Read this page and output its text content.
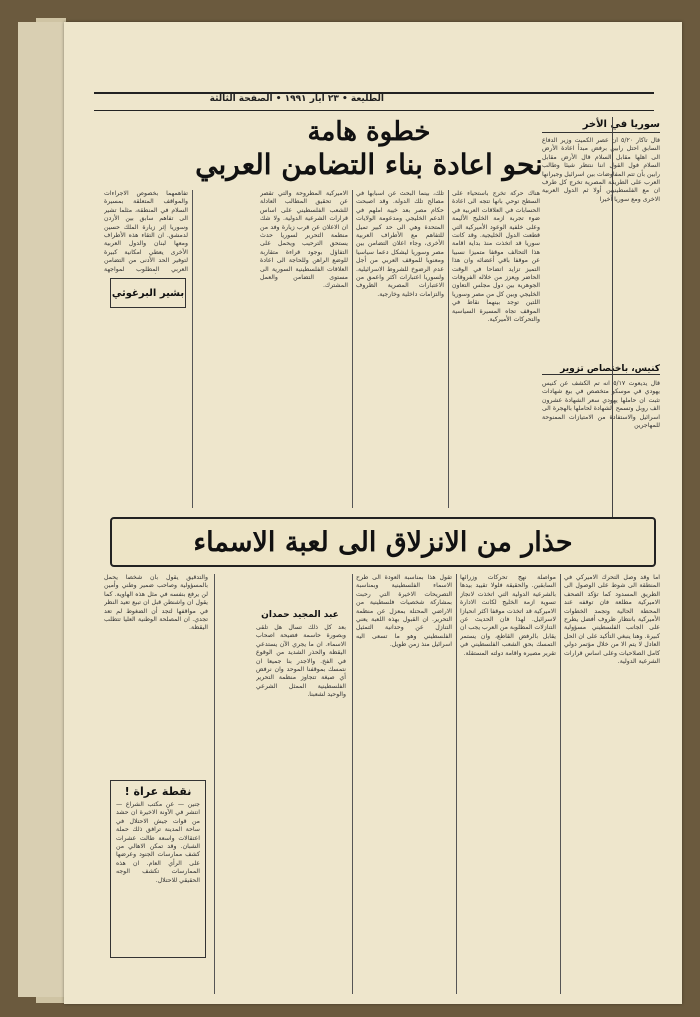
الطليعة • ٢٣ أيار ١٩٩١ • الصفحة الثالثة
سوريا في الأخر
قال تاكار ٥/٢٠ أن عصر الكميت وزير الدفاع السابق احتل رابين برفض مبدأ اعادة الأرض الى اهلها مقابل السلام قال الأرض مقابل السلام فول القول اننا ننتظر شيئا وطالب رابين بأن تتم المفاوضات بين اسرائيل وجيرانها العرب على الطريقة المصرية تخرج كل طرف ان مع الفلسطينيين أولا ثم الدول العربية الاخرى ومع سوريا أخيرا
كنيس، باختصاص تزوير
قال يديعوت ٥/١٧ انه تم الكشف عن كنيس يهودي في موسكو متخصص في بيع شهادات تثبت ان حاملها يهودي سعر الشهادة عشرون الف روبل وتسمح الشهادة لحاملها بالهجرة الى اسرائيل والاستفادة من الامتيازات الممنوحة للمهاجرين
خطوة هامة
نحو اعادة بناء التضامن العربي
هناك حركة تخرج باستحياء على السطح توحي بانها تتجه الى اعادة الحسابات في العلاقات العربية في ضوء تجربة ازمة الخليج الأليمة وعلى خلفية الوعود الأميركية التي قطعت الدول الخليجية. وقد كانت سوريا قد اتخذت منذ بداية اقامة هذا التحالف موقفا متميزا نسبيا عن موقفا باقي أعضائه وان هذا التميز تزايد اتضاحا في الوقت الحاضر ويعزز من خلاله الفروقات الجوهرية بين دول مجلس التعاون الخليجي وبين كل من مصر وسوريا اللتين توجد بينهما نقاط في الموقف تجاه المسيرة السياسية والتحركات الأميركية.
تلك، بينما البحث عن اسبابها في مصالح تلك الدولة. وقد اصبحت حكام مصر بعد خيبة املهم في الدعم الخليجي ومدعومة الولايات المتحدة وهي الى حد كبير تميل للتفاهم مع الأطراف العربية الأخرى، وجاء اعلان التضامن بين مصر وسوريا ليشكل دعما سياسيا ومعنويا للموقف العربي من أجل عدم الرضوخ للشروط الاسرائيلية. ولسوريا اعتبارات اكثر واعمق من الاعتبارات المصرية الظروف والتزامات داخلية وخارجية.
الاميركية المطروحة والتي تقصر عن تحقيق المطالب العادلة للشعب الفلسطيني على اساس قرارات الشرعية الدولية. ولا شك ان الاعلان عن قرب زيارة وفد من منظمة التحرير لسوريا حدث يستحق الترحيب ويحمل على التفاؤل بوجود قراءة متقاربة للوضع الراهن وللحاجة الى اعادة العلاقات الفلسطينية السورية الى مستوى التضامن والعمل المشترك.
تفاهمهما بخصوص الاجراءات والمواقف المتعلقة بمسيرة السلام في المنطقة، مثلما تشير الى تفاهم سابق بين الأردن وسوريا إثر زيارة الملك حسين لدمشق. ان التقاء هذه الأطراف ومعها لبنان والدول العربية الأخرى يعطي امكانية كبيرة لتوفير الحد الأدنى من التضامن العربي المطلوب لمواجهة
بشير البرغوثي
حذار من الانزلاق الى لعبة الاسماء
اما وقد وصل التحرك الاميركي في المنطقة الى شوط على الوصول الى الطريق المسدود كما تؤكد الصحف الاميركية مطلعة فان توقفه عند المحطة الحالية وتجمد الخطوات الأميركية بانتظار ظروف أفضل يطرح على الجانب الفلسطيني مسؤولية كبيرة. وهنا ينبغي التأكيد على ان الحل العادل لا يتم الا من خلال مؤتمر دولي كامل الصلاحيات وعلى اساس قرارات الشرعية الدولية.
مواصلة نهج تحركات وزرائها السابقين. والحقيقة فلولا تقييد بيدها بالشرعية الدولية التي اتخذت لانجاز تسوية ازمة الخليج لكانت الادارة الاميركية قد اتخذت موقفا اكثر انحيازا لاسرائيل. لهذا فان الحديث عن التنازلات المطلوبة من العرب يجب ان يقابل بالرفض القاطع، وان يستمر التمسك بحق الشعب الفلسطيني في تقرير مصيره واقامة دولته المستقلة.
تقول هذا بمناسبة العودة الى طرح الاسماء الفلسطينية وبمناسبة التصريحات الاخيرة التي رحبت بمشاركة شخصيات فلسطينية من الاراضي المحتلة بمعزل عن منظمة التحرير. ان القبول بهذه اللعبة يعني التنازل عن وحدانية التمثيل الفلسطيني وهو ما تسعى اليه اسرائيل منذ زمن طويل.
عبد المجيد حمدان
بعد كل ذلك تسأل هل تلقى وبصورة حاسمة فضيحة اصحاب الاسماء. ان ما يجري الآن يستدعي اليقظة والحذر الشديد من الوقوع في الفخ. والاجدر بنا جميعا ان نتمسك بموقفنا الموحد وان نرفض أي صيغة تتجاوز منظمة التحرير الفلسطينية الممثل الشرعي والوحيد لشعبنا.
والتدقيق يقول بأن شخصا يحمل بالمسؤولية وصاحب ضمير وطني وأمين لن يرفع بنفسه في مثل هذه الهاوية. كما يقول ان واشنطن قبل ان تبيع تعيد النظر في مواقفها لتجد أن الضغوط لم تعد تجدي. ان المصلحة الوطنية العليا تتطلب اليقظة.
نقطة عراة !
جنين — عن مكتب الشراع — انتشر في الآونة الاخيرة ان حشد من قوات جيش الاحتلال في ساحة المدينة ترافق ذلك حملة اعتقالات واسعة طالت عشرات الشبان. وقد تمكن الاهالي من كشف ممارسات الجنود وعرضها على الرأي العام. ان هذه الممارسات تكشف الوجه الحقيقي للاحتلال.
